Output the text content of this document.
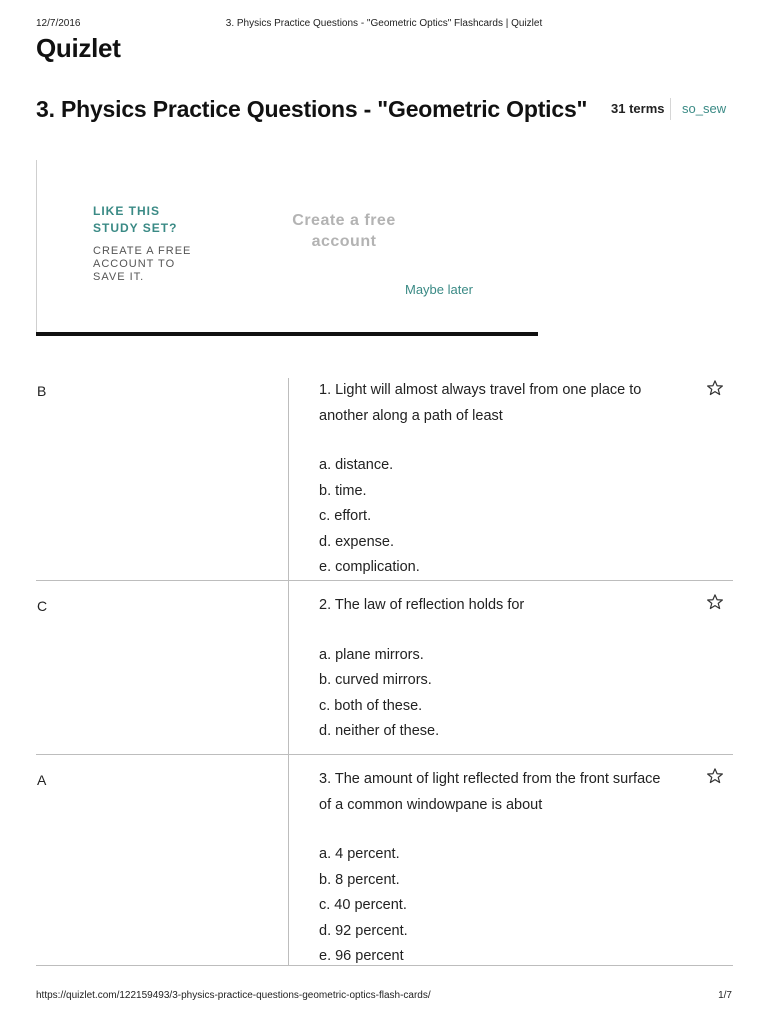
12/7/2016	3. Physics Practice Questions - "Geometric Optics" Flashcards | Quizlet
Quizlet
3. Physics Practice Questions - "Geometric Optics" 31 terms so_sew
LIKE THIS STUDY SET?
CREATE A FREE ACCOUNT TO SAVE IT.
Create a free account
Maybe later
B	1. Light will almost always travel from one place to another along a path of least

a. distance.

b. time.

c. effort.

d. expense.

e. complication.

C	2. The law of reflection holds for

a. plane mirrors.

b. curved mirrors.

c. both of these.

d. neither of these.

A	3. The amount of light reflected from the front surface of a common windowpane is about

a. 4 percent.

b. 8 percent.

c. 40 percent.

d. 92 percent.

e. 96 percent

https://quizlet.com/122159493/3-physics-practice-questions-geometric-optics-flash-cards/	1/7
